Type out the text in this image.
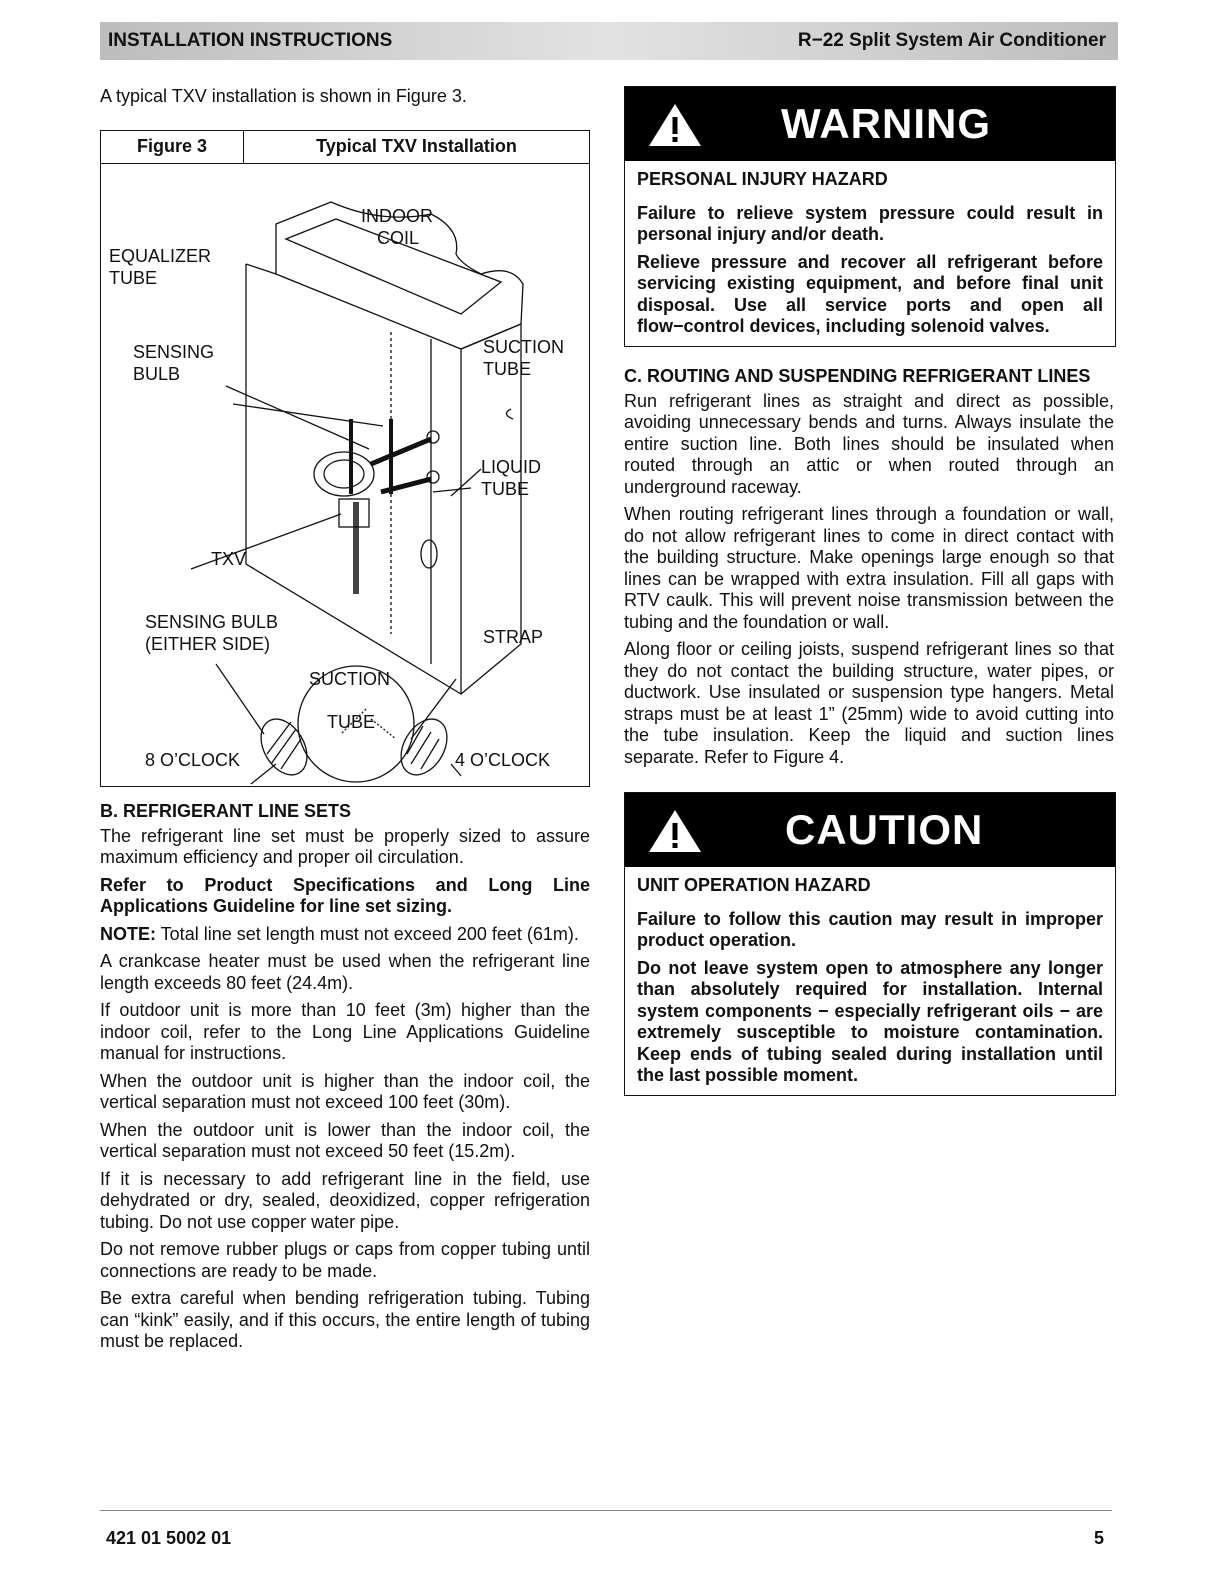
INSTALLATION INSTRUCTIONS	R−22 Split System Air Conditioner

A typical TXV installation is shown in Figure 3.

Figure 3	Typical TXV Installation
INDOOR
COIL
EQUALIZER
TUBE
SENSING
BULB
SUCTION
TUBE
LIQUID
TUBE
TXV
SENSING BULB
(EITHER SIDE)	STRAP
SUCTION
TUBE
8 O’CLOCK	4 O’CLOCK
B. REFRIGERANT LINE SETS

The refrigerant line set must be properly sized to assure maximum efficiency and proper oil circulation.

Refer to Product Specifications and Long Line Applications Guideline for line set sizing.

NOTE: Total line set length must not exceed 200 feet (61m).

A crankcase heater must be used when the refrigerant line length exceeds 80 feet (24.4m).

If outdoor unit is more than 10 feet (3m) higher than the indoor coil, refer to the Long Line Applications Guideline manual for instructions.

When the outdoor unit is higher than the indoor coil, the vertical separation must not exceed 100 feet (30m).

When the outdoor unit is lower than the indoor coil, the vertical separation must not exceed 50 feet (15.2m).

If it is necessary to add refrigerant line in the field, use dehydrated or dry, sealed, deoxidized, copper refrigeration tubing. Do not use copper water pipe.

Do not remove rubber plugs or caps from copper tubing until connections are ready to be made.

Be extra careful when bending refrigeration tubing. Tubing can “kink” easily, and if this occurs, the entire length of tubing must be replaced.

WARNING

PERSONAL INJURY HAZARD

Failure to relieve system pressure could result in personal injury and/or death.

Relieve pressure and recover all refrigerant before servicing existing equipment, and before final unit disposal. Use all service ports and open all flow−control devices, including solenoid valves.

C. ROUTING AND SUSPENDING REFRIGERANT LINES

Run refrigerant lines as straight and direct as possible, avoiding unnecessary bends and turns. Always insulate the entire suction line. Both lines should be insulated when routed through an attic or when routed through an underground raceway.

When routing refrigerant lines through a foundation or wall, do not allow refrigerant lines to come in direct contact with the building structure. Make openings large enough so that lines can be wrapped with extra insulation. Fill all gaps with RTV caulk. This will prevent noise transmission between the tubing and the foundation or wall.

Along floor or ceiling joists, suspend refrigerant lines so that they do not contact the building structure, water pipes, or ductwork. Use insulated or suspension type hangers. Metal straps must be at least 1” (25mm) wide to avoid cutting into the tube insulation. Keep the liquid and suction lines separate. Refer to Figure 4.

CAUTION

UNIT OPERATION HAZARD

Failure to follow this caution may result in improper product operation.

Do not leave system open to atmosphere any longer than absolutely required for installation. Internal system components − especially refrigerant oils − are extremely susceptible to moisture contamination. Keep ends of tubing sealed during installation until the last possible moment.

421 01 5002 01	5
